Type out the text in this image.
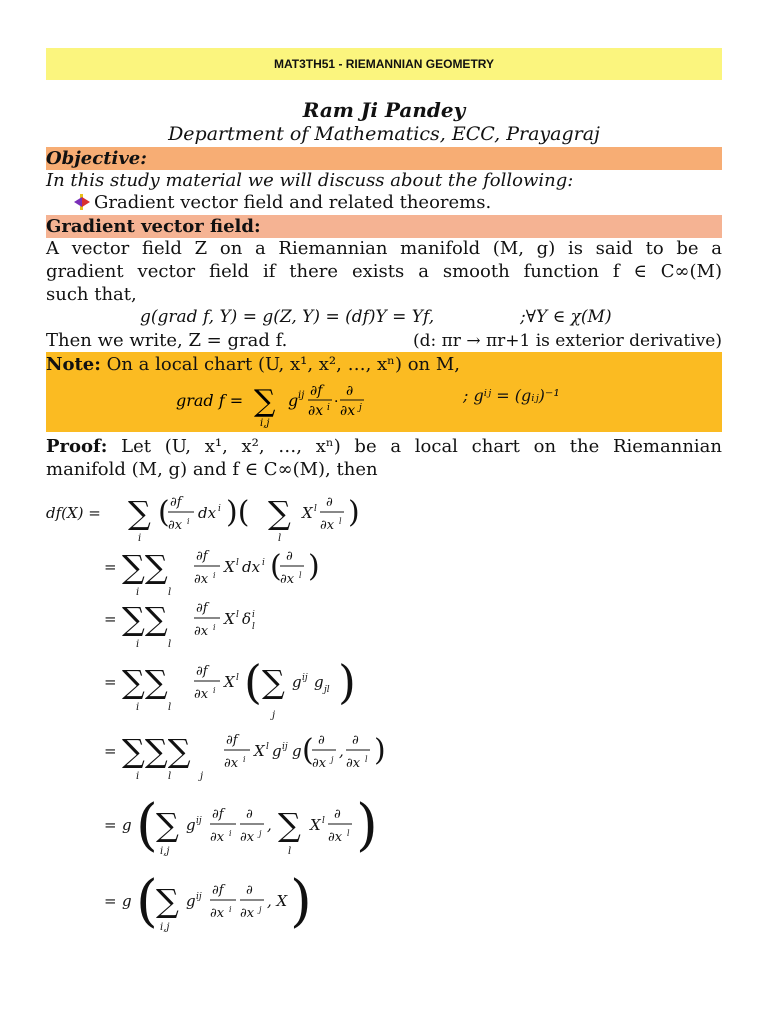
MAT3TH51 - RIEMANNIAN GEOMETRY
Ram Ji Pandey
Department of Mathematics, ECC, Prayagraj
Objective:
In this study material we will discuss about the following:
Gradient vector field and related theorems.
Gradient vector field:
A vector field Z on a Riemannian manifold (M, g) is said to be a
gradient vector field if there exists a smooth function f ∈ C∞(M)
such that,
g(grad f, Y) = g(Z, Y) = (df)Y = Yf,	;∀Y ∈ χ(M)
Then we write, Z = grad f.	(d: πr → πr+1 is exterior derivative)
Note: On a local chart (U, x¹, x², …, xⁿ) on M,
grad f = ∑
i,j
g ij ∂f
∂x i ·
∂
∂x j
; gⁱʲ = (gᵢⱼ)⁻¹
Proof: Let (U, x¹, x², …, xⁿ) be a local chart on the Riemannian
manifold (M, g) and f ∈ C∞(M), then
df(X) = ∑
i
( ∂f
∂x i dx i )( ∑
l
X l ∂
∂x l )
= ∑∑
i	l
∂f
∂x i X l dx i ( ∂
∂x l )
= ∑∑
i	l
∂f
∂x i X l δ i
l
= ∑∑
i	l
∂f
∂x i X l ( ∑
j
g ij g jl )
= ∑∑∑
i	l	j
∂f
∂x i X l g ij g ( ∂
∂x j ,
∂
∂x l )
= g (
∑
i,j
g ij ∂f
∂x i
∂
∂x j , ∑
l
X l ∂
∂x l )
= g (
∑
i,j
g ij ∂f
∂x i
∂
∂x j , X )
